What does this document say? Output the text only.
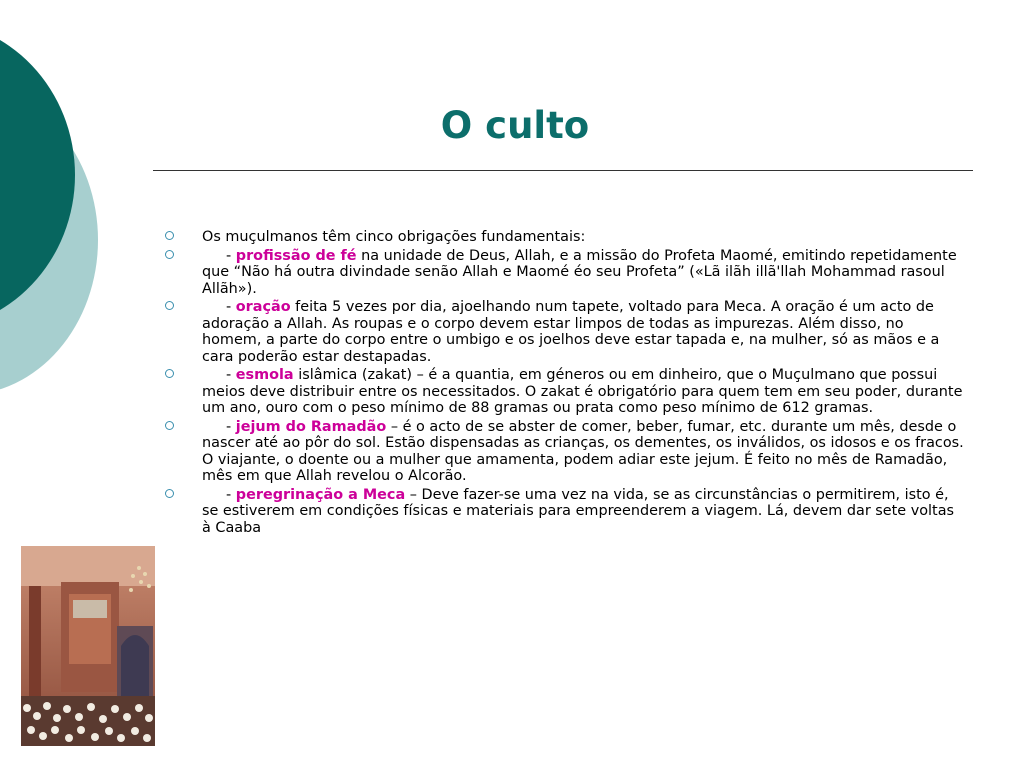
O culto
Os muçulmanos têm cinco obrigações fundamentais:
- profissão de fé na unidade de Deus, Allah, e a missão do Profeta Maomé, emitindo repetidamente que “Não há outra divindade senão Allah e Maomé éo seu Profeta” («Lã ilãh illã'llah Mohammad rasoul Allãh»).
- oração feita 5 vezes por dia, ajoelhando num tapete, voltado para Meca. A oração é um acto de adoração a Allah. As roupas e o corpo devem estar limpos de todas as impurezas. Além disso, no homem, a parte do corpo entre o umbigo e os joelhos deve estar tapada e, na mulher, só as mãos e a cara poderão estar destapadas.
- esmola islâmica (zakat) – é a quantia, em géneros ou em dinheiro, que o Muçulmano que possui meios deve distribuir entre os necessitados. O zakat é obrigatório para quem tem em seu poder, durante um ano, ouro com o peso mínimo de 88 gramas ou prata como peso mínimo de 612 gramas.
- jejum do Ramadão – é o acto de se abster de comer, beber, fumar, etc. durante um mês, desde o nascer até ao pôr do sol. Estão dispensadas as crianças, os dementes, os inválidos, os idosos e os fracos. O viajante, o doente ou a mulher que amamenta, podem adiar este jejum. É feito no mês de Ramadão, mês em que Allah revelou o Alcorão.
- peregrinação a Meca – Deve fazer-se uma vez na vida, se as circunstâncias o permitirem, isto é, se estiverem em condições físicas e materiais para empreenderem a viagem. Lá, devem dar sete voltas à Caaba
